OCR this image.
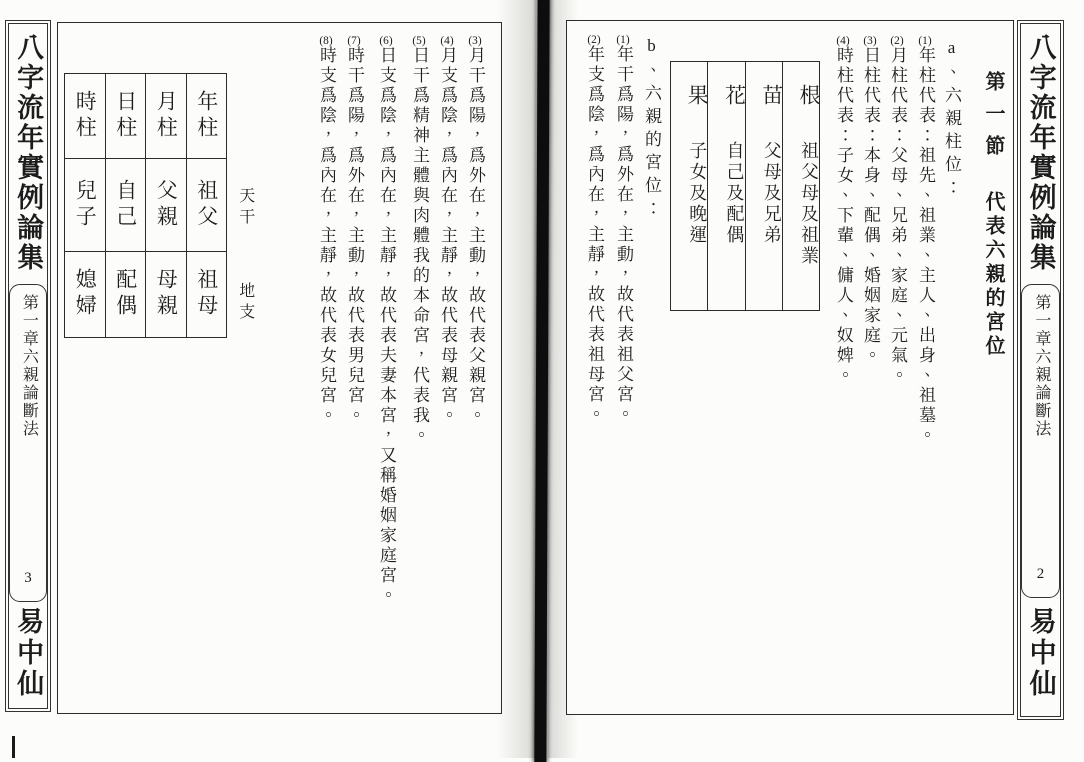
八字流年實例論集
第一章六親論斷法
3
易中仙
年柱
祖父
祖母
月柱
父親
母親
日柱
自己
配偶
時柱
兒子
媳婦
天干
地支
(3)月干爲陽，爲外在，主動，故代表父親宮。
(4)月支爲陰，爲內在，主靜，故代表母親宮。
(5)日干爲精神主體與肉體我的本命宮，代表我。
(6)日支爲陰，爲內在，主靜，故代表夫妻本宮，又稱婚姻家庭宮。
(7)時干爲陽，爲外在，主動，故代表男兒宮。
(8)時支爲陰，爲內在，主靜，故代表女兒宮。	第一節代表六親的宮位
a、六親柱位：
(1)年柱代表：祖先、祖業、主人、出身、祖墓。
(2)月柱代表：父母、兄弟、家庭、元氣。
(3)日柱代表：本身、配偶、婚姻家庭。
(4)時柱代表：子女、下輩、傭人、奴婢。
根祖父母及祖業
苗父母及兄弟
花自己及配偶
果子女及晚運
b、六親的宮位：
(1)年干爲陽，爲外在，主動，故代表祖父宮。
(2)年支爲陰，爲內在，主靜，故代表祖母宮。	八字流年實例論集
第一章六親論斷法
2
易中仙
